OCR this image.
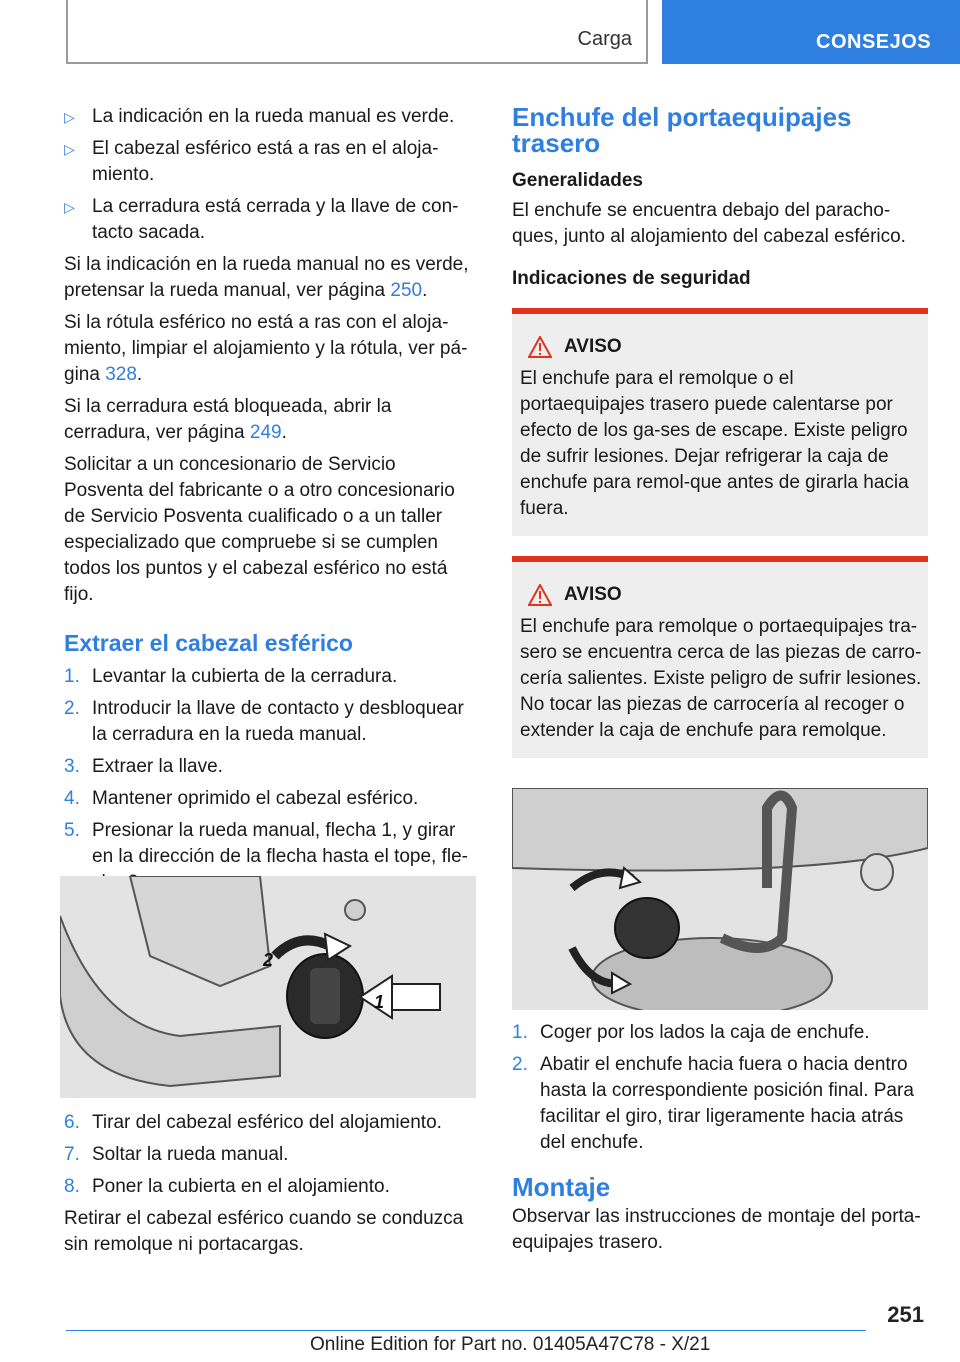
Carga	CONSEJOS
▷ La indicación en la rueda manual es verde.
▷ El cabezal esférico está a ras en el aloja-miento.
▷ La cerradura está cerrada y la llave de con-tacto sacada.

Si la indicación en la rueda manual no es verde, pretensar la rueda manual, ver página 250.

Si la rótula esférico no está a ras con el aloja-miento, limpiar el alojamiento y la rótula, ver pá-gina 328.

Si la cerradura está bloqueada, abrir la cerradura, ver página 249.

Solicitar a un concesionario de Servicio Posventa del fabricante o a otro concesionario de Servicio Posventa cualificado o a un taller especializado que compruebe si se cumplen todos los puntos y el cabezal esférico no está fijo.

Extraer el cabezal esférico
1. Levantar la cubierta de la cerradura.
2. Introducir la llave de contacto y desbloquear la cerradura en la rueda manual.
3. Extraer la llave.
4. Mantener oprimido el cabezal esférico.
5. Presionar la rueda manual, flecha 1, y girar en la dirección de la flecha hasta el tope, fle-
2
1
6. Tirar del cabezal esférico del alojamiento.
7. Soltar la rueda manual.
8. Poner la cubierta en el alojamiento.

Retirar el cabezal esférico cuando se conduzca sin remolque ni portacargas.

Enchufe del portaequipajes trasero
Generalidades

El enchufe se encuentra debajo del paracho-ques, junto al alojamiento del cabezal esférico.

Indicaciones de seguridad
AVISO
El enchufe para el remolque o el portaequipajes trasero puede calentarse por efecto de los ga-ses de escape. Existe peligro de sufrir lesiones. Dejar refrigerar la caja de enchufe para remol-que antes de girarla hacia fuera.
AVISO
El enchufe para remolque o portaequipajes tra-sero se encuentra cerca de las piezas de carro-cería salientes. Existe peligro de sufrir lesiones. No tocar las piezas de carrocería al recoger o extender la caja de enchufe para remolque.
1. Coger por los lados la caja de enchufe.
2. Abatir el enchufe hacia fuera o hacia dentro hasta la correspondiente posición final. Para facilitar el giro, tirar ligeramente hacia atrás del enchufe.
Montaje

Observar las instrucciones de montaje del porta-equipajes trasero.

251
Online Edition for Part no. 01405A47C78 - X/21
